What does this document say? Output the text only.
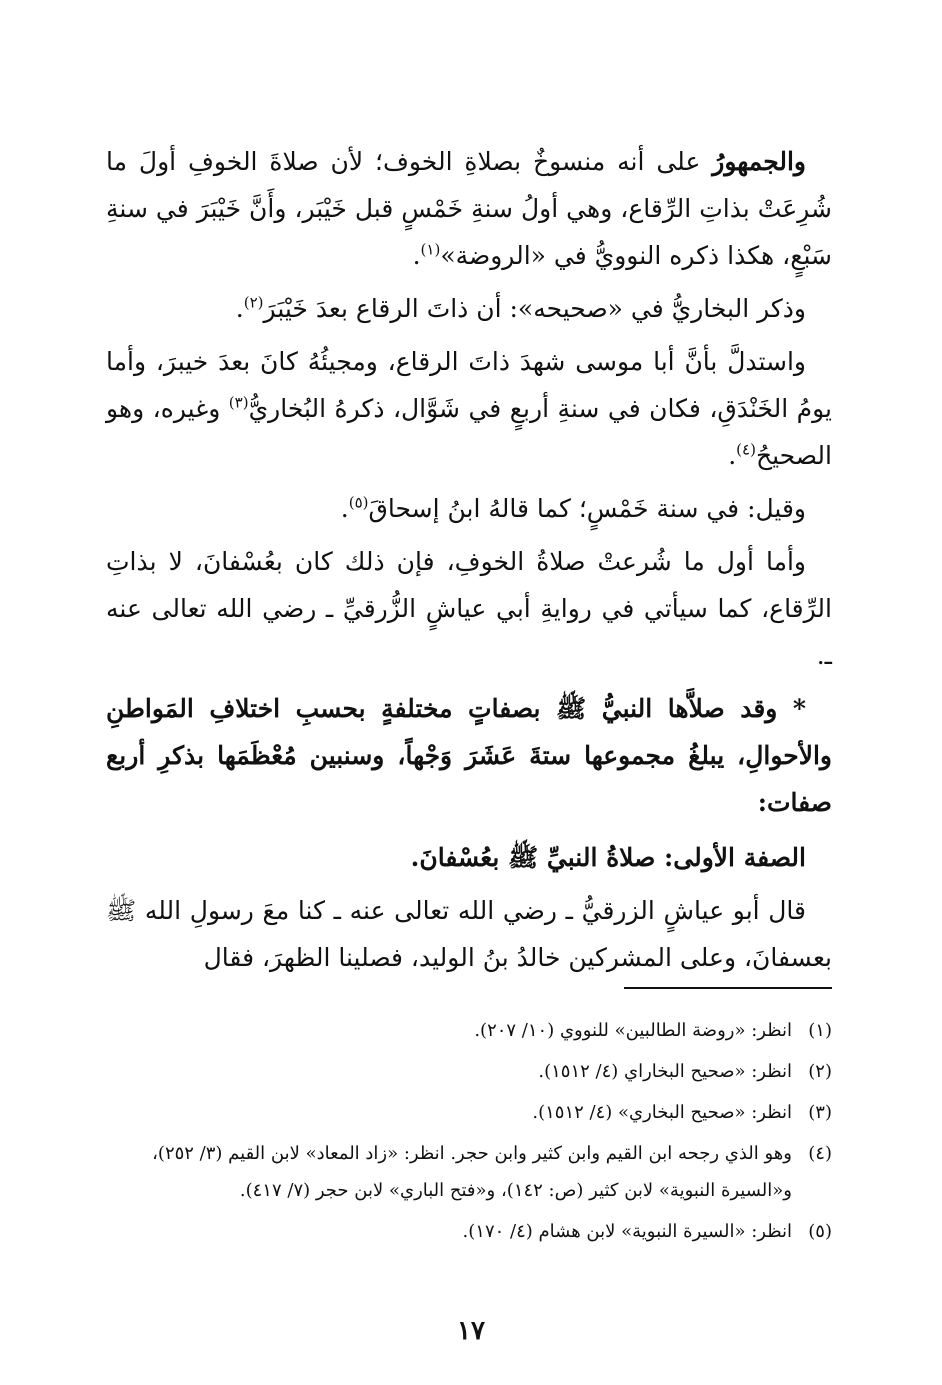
والجمهورُ على أنه منسوخٌ بصلاةِ الخوف؛ لأن صلاةَ الخوفِ أولَ ما شُرِعَتْ بذاتِ الرِّقاع، وهي أولُ سنةِ خَمْسٍ قبل خَيْبَر، وأَنَّ خَيْبَرَ في سنةِ سَبْعٍ، هكذا ذكره النوويُّ في «الروضة»$^{(١)}$.

وذكر البخاريُّ في «صحيحه»: أن ذاتَ الرقاع بعدَ خَيْبَرَ$^{(٢)}$.

واستدلَّ بأنَّ أبا موسى شهدَ ذاتَ الرقاع، ومجيئُهُ كانَ بعدَ خيبرَ، وأما يومُ الخَنْدَقِ، فكان في سنةِ أربعٍ في شَوَّال، ذكرهُ البُخاريُّ$^{(٣)}$ وغيره، وهو الصحيحُ$^{(٤)}$.

وقيل: في سنة خَمْسٍ؛ كما قالهُ ابنُ إسحاقَ$^{(٥)}$.

وأما أول ما شُرعتْ صلاةُ الخوفِ، فإن ذلك كان بعُسْفانَ، لا بذاتِ الرِّقاع، كما سيأتي في روايةِ أبي عياشٍ الزُّرقيِّ ـ رضي الله تعالى عنه ـ.

* وقد صلاَّها النبيُّ ﷺ بصفاتٍ مختلفةٍ بحسبِ اختلافِ المَواطنِ والأحوالِ، يبلغُ مجموعها ستةَ عَشَرَ وَجْهاً، وسنبين مُعْظَمَها بذكرِ أربع صفات:

الصفة الأولى: صلاةُ النبيِّ ﷺ بعُسْفانَ.

قال أبو عياشٍ الزرقيُّ ـ رضي الله تعالى عنه ـ كنا معَ رسولِ الله ﷺ بعسفانَ، وعلى المشركين خالدُ بنُ الوليد، فصلينا الظهرَ، فقال

(١)
انظر: «روضة الطالبين» للنووي (١٠/ ٢٠٧).
(٢)
انظر: «صحيح البخاراي (٤/ ١٥١٢).
(٣)
انظر: «صحيح البخاري» (٤/ ١٥١٢).
(٤)
وهو الذي رجحه ابن القيم وابن كثير وابن حجر. انظر: «زاد المعاد» لابن القيم (٣/ ٢٥٢)، و«السيرة النبوية» لابن كثير (ص: ١٤٢)، و«فتح الباري» لابن حجر (٧/ ٤١٧).
(٥)
انظر: «السيرة النبوية» لابن هشام (٤/ ١٧٠).
١٧
